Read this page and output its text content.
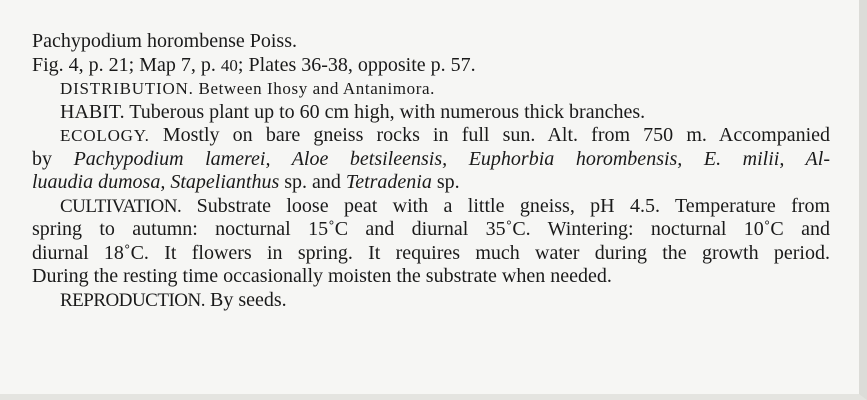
Pachypodium horombense Poiss.
Fig. 4, p. 21; Map 7, p. 40; Plates 36-38, opposite p. 57.
DISTRIBUTION. Between Ihosy and Antanimora.
HABIT. Tuberous plant up to 60 cm high, with numerous thick branches.
ECOLOGY. Mostly on bare gneiss rocks in full sun. Alt. from 750 m. Accompanied
by Pachypodium lamerei, Aloe betsileensis, Euphorbia horombensis, E. milii, Al-
luaudia dumosa, Stapelianthus sp. and Tetradenia sp.
CULTIVATION. Substrate loose peat with a little gneiss, pH 4.5. Temperature from
spring to autumn: nocturnal 15˚C and diurnal 35˚C. Wintering: nocturnal 10˚C and
diurnal 18˚C. It flowers in spring. It requires much water during the growth period.
During the resting time occasionally moisten the substrate when needed.
REPRODUCTION. By seeds.
